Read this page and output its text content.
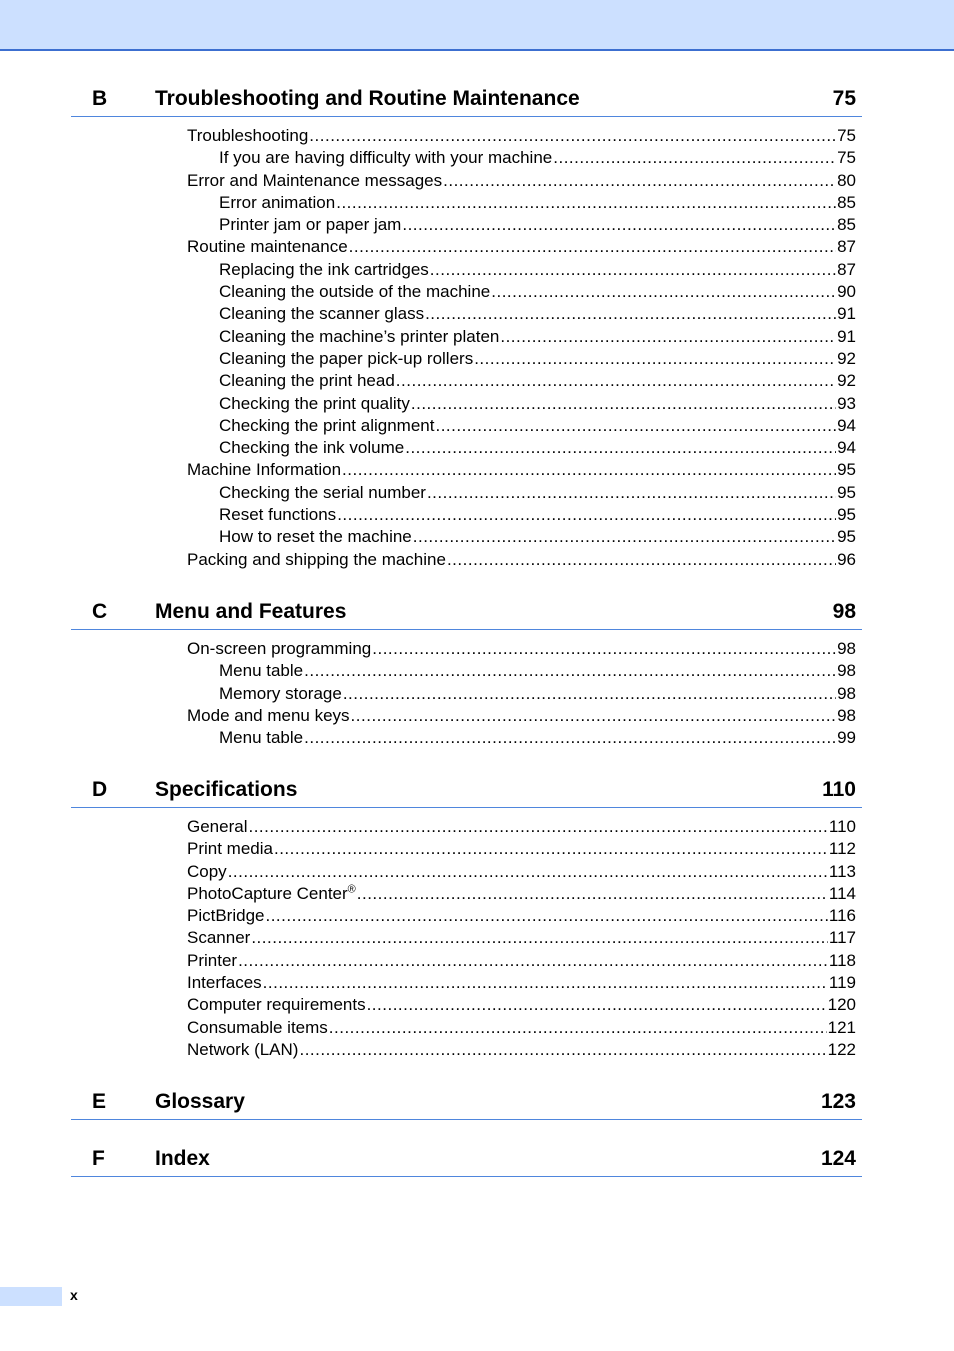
B Troubleshooting and Routine Maintenance	75
Troubleshooting .....	75
If you are having difficulty with your machine .....	75
Error and Maintenance messages .....	80
Error animation .....	85
Printer jam or paper jam .....	85
Routine maintenance .....	87
Replacing the ink cartridges .....	87
Cleaning the outside of the machine .....	90
Cleaning the scanner glass .....	91
Cleaning the machine’s printer platen .....	91
Cleaning the paper pick-up rollers .....	92
Cleaning the print head .....	92
Checking the print quality .....	93
Checking the print alignment .....	94
Checking the ink volume .....	94
Machine Information .....	95
Checking the serial number .....	95
Reset functions .....	95
How to reset the machine .....	95
Packing and shipping the machine .....	96
C Menu and Features	98
On-screen programming .....	98
Menu table .....	98
Memory storage .....	98
Mode and menu keys .....	98
Menu table .....	99
D Specifications	110
General .....	110
Print media .....	112
Copy .....	113
PhotoCapture Center® .....	114
PictBridge .....	116
Scanner .....	117
Printer .....	118
Interfaces .....	119
Computer requirements .....	120
Consumable items .....	121
Network (LAN) .....	122
E Glossary	123
F Index	124
x
